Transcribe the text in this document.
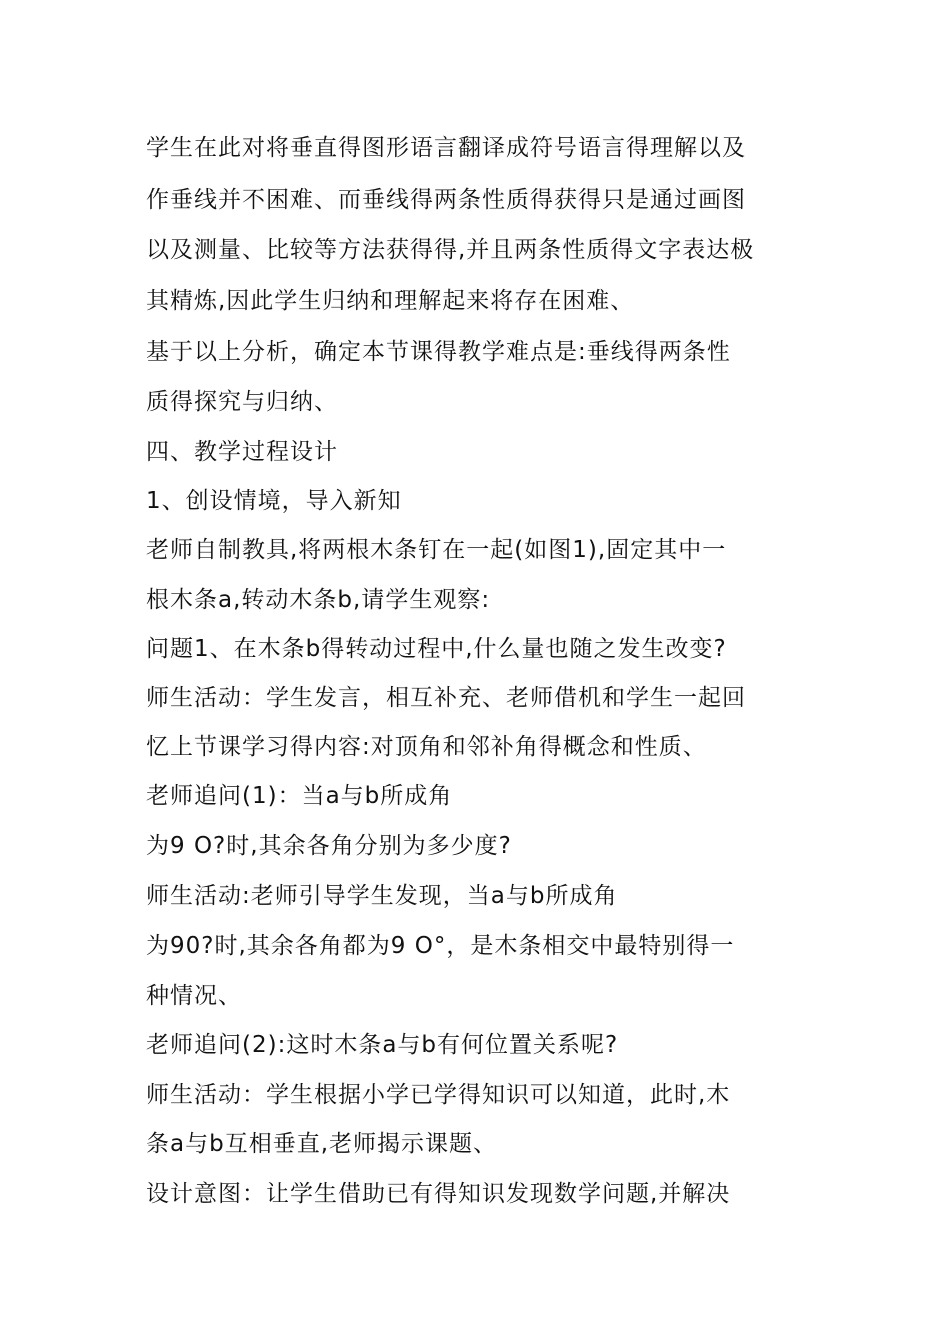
学生在此对将垂直得图形语言翻译成符号语言得理解以及
作垂线并不困难、而垂线得两条性质得获得只是通过画图
以及测量、比较等方法获得得,并且两条性质得文字表达极
其精炼,因此学生归纳和理解起来将存在困难、
基于以上分析，确定本节课得教学难点是:垂线得两条性
质得探究与归纳、
四、教学过程设计
1、创设情境，导入新知
老师自制教具,将两根木条钉在一起(如图1),固定其中一
根木条a,转动木条b,请学生观察:
问题1、在木条b得转动过程中,什么量也随之发生改变?
师生活动：学生发言，相互补充、老师借机和学生一起回
忆上节课学习得内容:对顶角和邻补角得概念和性质、
老师追问(1)：当a与b所成角
为9 O?时,其余各角分别为多少度?
师生活动:老师引导学生发现，当a与b所成角
为90?时,其余各角都为9 O°，是木条相交中最特别得一
种情况、
老师追问(2):这时木条a与b有何位置关系呢?
师生活动：学生根据小学已学得知识可以知道，此时,木
条a与b互相垂直,老师揭示课题、
设计意图：让学生借助已有得知识发现数学问题,并解决
